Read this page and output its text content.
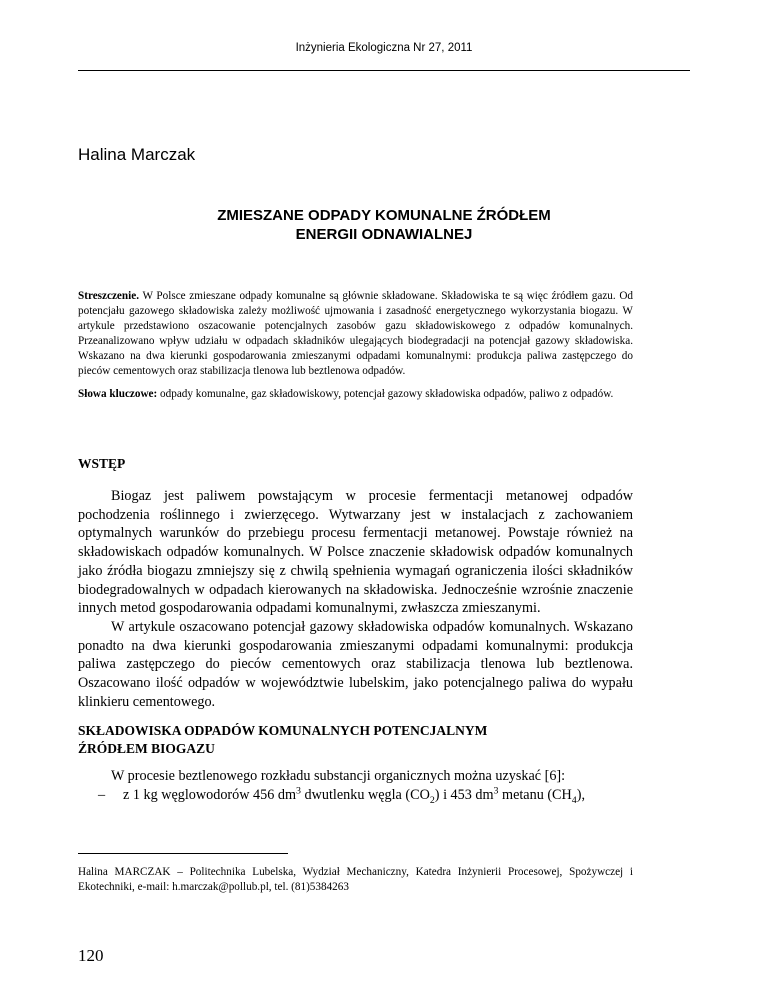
Inżynieria Ekologiczna Nr 27, 2011
Halina Marczak
ZMIESZANE ODPADY KOMUNALNE ŹRÓDŁEM
ENERGII ODNAWIALNEJ

Streszczenie. W Polsce zmieszane odpady komunalne są głównie składowane. Składowiska te są więc źródłem gazu. Od potencjału gazowego składowiska zależy możliwość ujmowania i zasadność energetycznego wykorzystania biogazu. W artykule przedstawiono oszacowanie potencjalnych zasobów gazu składowiskowego z odpadów komunalnych. Przeanalizowano wpływ udziału w odpadach składników ulegających biodegradacji na potencjał gazowy składowiska. Wskazano na dwa kierunki gospodarowania zmieszanymi odpadami komunalnymi: produkcja paliwa zastępczego do pieców cementowych oraz stabilizacja tlenowa lub beztlenowa odpadów.

Słowa kluczowe: odpady komunalne, gaz składowiskowy, potencjał gazowy składowiska odpadów, paliwo z odpadów.

WSTĘP

Biogaz jest paliwem powstającym w procesie fermentacji metanowej odpadów pochodzenia roślinnego i zwierzęcego. Wytwarzany jest w instalacjach z zachowaniem optymalnych warunków do przebiegu procesu fermentacji metanowej. Powstaje również na składowiskach odpadów komunalnych. W Polsce znaczenie składowisk odpadów komunalnych jako źródła biogazu zmniejszy się z chwilą spełnienia wymagań ograniczenia ilości składników biodegradowalnych w odpadach kierowanych na składowiska. Jednocześnie wzrośnie znaczenie innych metod gospodarowania odpadami komunalnymi, zwłaszcza zmieszanymi.

W artykule oszacowano potencjał gazowy składowiska odpadów komunalnych. Wskazano ponadto na dwa kierunki gospodarowania zmieszanymi odpadami komunalnymi: produkcja paliwa zastępczego do pieców cementowych oraz stabilizacja tlenowa lub beztlenowa. Oszacowano ilość odpadów w województwie lubelskim, jako potencjalnego paliwa do wypału klinkieru cementowego.

SKŁADOWISKA ODPADÓW KOMUNALNYCH POTENCJALNYM
ŹRÓDŁEM BIOGAZU

W procesie beztlenowego rozkładu substancji organicznych można uzyskać [6]:

– z 1 kg węglowodorów 456 $dm^3$ dwutlenku węgla $(CO_2)$ i 453 $dm^3$ metanu $(CH_4)$,

Halina MARCZAK – Politechnika Lubelska, Wydział Mechaniczny, Katedra Inżynierii Procesowej, Spożywczej i Ekotechniki, e-mail: h.marczak@pollub.pl, tel. (81)5384263

120
